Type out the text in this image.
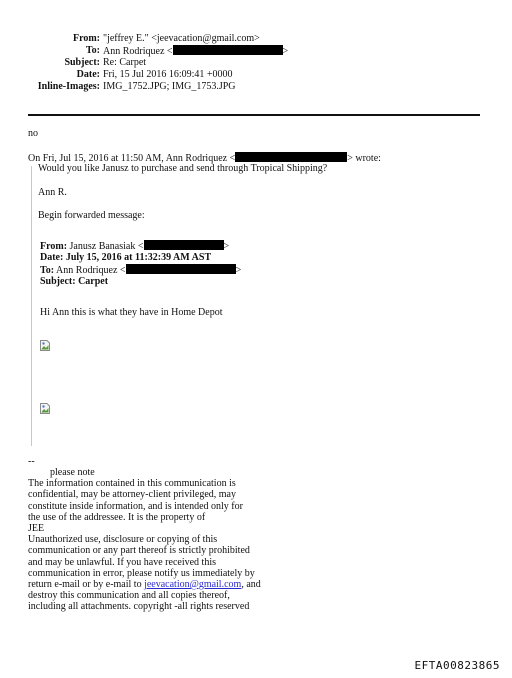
From: "jeffrey E." <jeevacation@gmail.com>
To: Ann Rodriquez <	>
Subject: Re: Carpet
Date: Fri, 15 Jul 2016 16:09:41 +0000
Inline-Images: IMG_1752.JPG; IMG_1753.JPG
no
On Fri, Jul 15, 2016 at 11:50 AM, Ann Rodriquez <	> wrote:
Would you like Janusz to purchase and send through Tropical Shipping?
Ann R.
Begin forwarded message:
From: Janusz Banasiak <	>
Date: July 15, 2016 at 11:32:39 AM AST
To: Ann Rodriquez <	>
Subject: Carpet
Hi Ann this is what they have in Home Depot
--
please note
The information contained in this communication is
confidential, may be attorney-client privileged, may
constitute inside information, and is intended only for
the use of the addressee. It is the property of
JEE
Unauthorized use, disclosure or copying of this
communication or any part thereof is strictly prohibited
and may be unlawful. If you have received this
communication in error, please notify us immediately by
return e-mail or by e-mail to jeevacation@gmail.com, and
destroy this communication and all copies thereof,
including all attachments. copyright -all rights reserved
EFTA00823865
